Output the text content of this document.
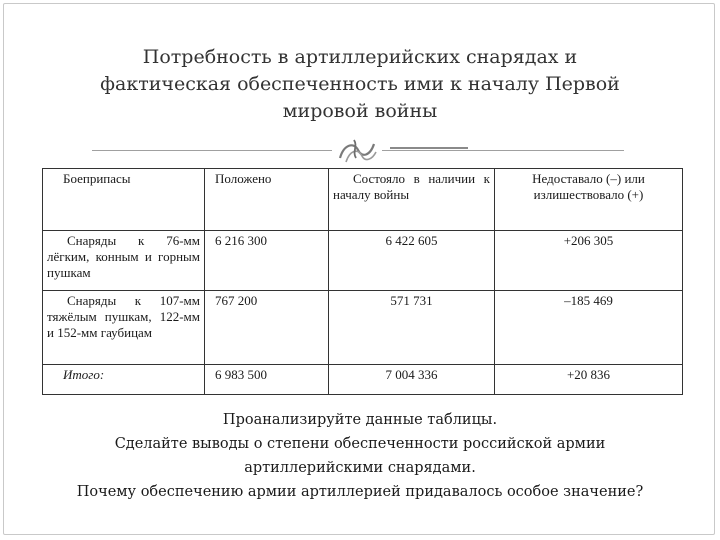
Потребность в артиллерийских снарядах и
фактическая обеспеченность ими к началу Первой
мировой войны
Боеприпасы	Положено	Состояло в наличии к началу войны	Недоставало (–) или излишествовало (+)
Снаряды к 76-мм лёгким, конным и горным пушкам	6 216 300	6 422 605	+206 305
Снаряды к 107-мм тяжёлым пушкам, 122-мм и 152-мм гаубицам	767 200	571 731	–185 469
Итого:	6 983 500	7 004 336	+20 836
Проанализируйте данные таблицы.
Сделайте выводы о степени обеспеченности российской армии артиллерийскими снарядами.
Почему обеспечению армии артиллерией придавалось особое значение?
